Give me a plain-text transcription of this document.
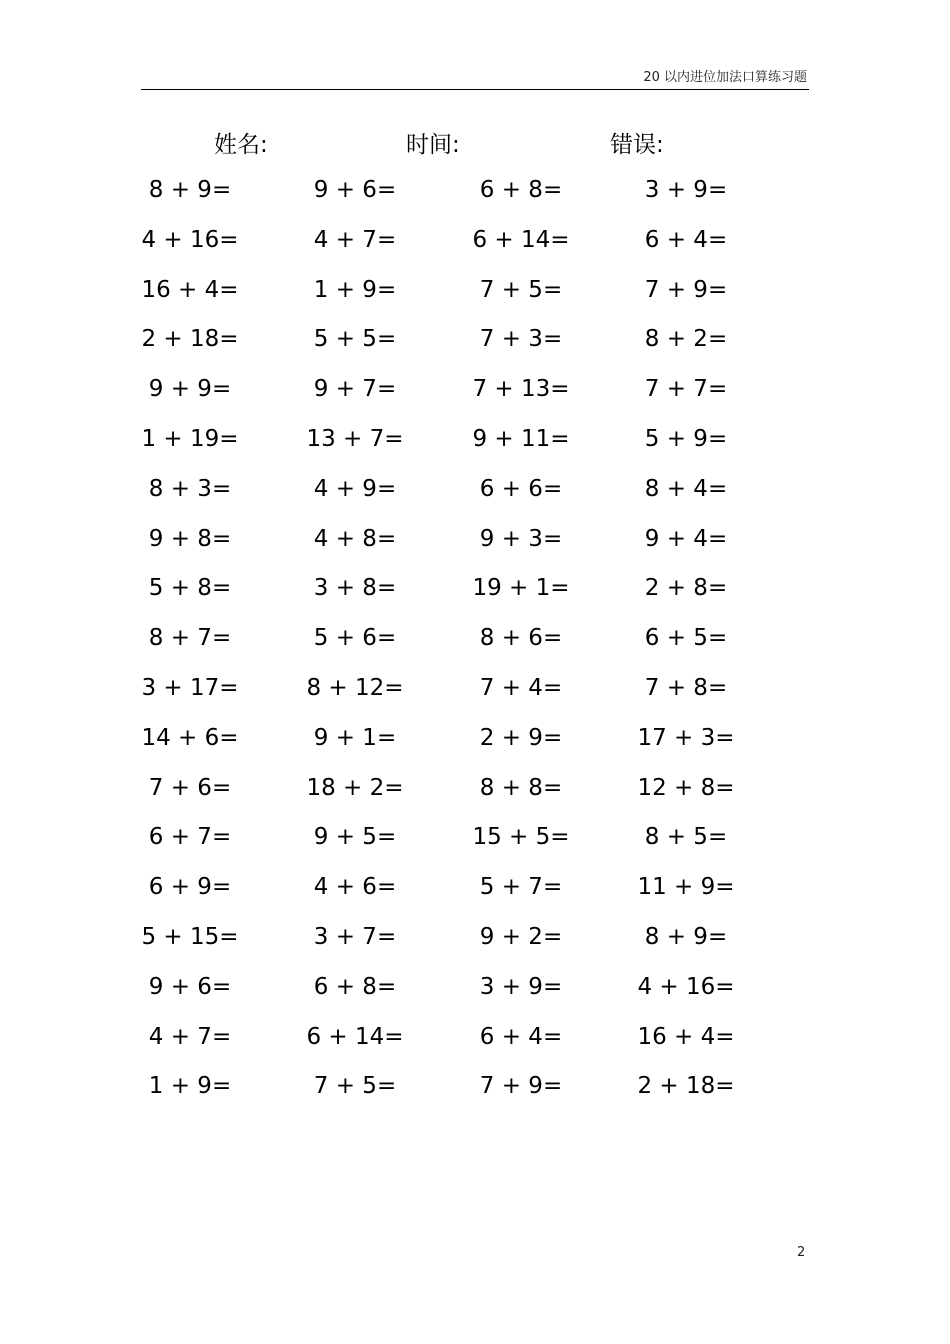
20 以内进位加法口算练习题
姓名:	时间:	错误:
8 + 9=	9 + 6=	6 + 8=	3 + 9=
4 + 16=	4 + 7=	6 + 14=	6 + 4=
16 + 4=	1 + 9=	7 + 5=	7 + 9=
2 + 18=	5 + 5=	7 + 3=	8 + 2=
9 + 9=	9 + 7=	7 + 13=	7 + 7=
1 + 19=	13 + 7=	9 + 11=	5 + 9=
8 + 3=	4 + 9=	6 + 6=	8 + 4=
9 + 8=	4 + 8=	9 + 3=	9 + 4=
5 + 8=	3 + 8=	19 + 1=	2 + 8=
8 + 7=	5 + 6=	8 + 6=	6 + 5=
3 + 17=	8 + 12=	7 + 4=	7 + 8=
14 + 6=	9 + 1=	2 + 9=	17 + 3=
7 + 6=	18 + 2=	8 + 8=	12 + 8=
6 + 7=	9 + 5=	15 + 5=	8 + 5=
6 + 9=	4 + 6=	5 + 7=	11 + 9=
5 + 15=	3 + 7=	9 + 2=	8 + 9=
9 + 6=	6 + 8=	3 + 9=	4 + 16=
4 + 7=	6 + 14=	6 + 4=	16 + 4=
1 + 9=	7 + 5=	7 + 9=	2 + 18=
2
